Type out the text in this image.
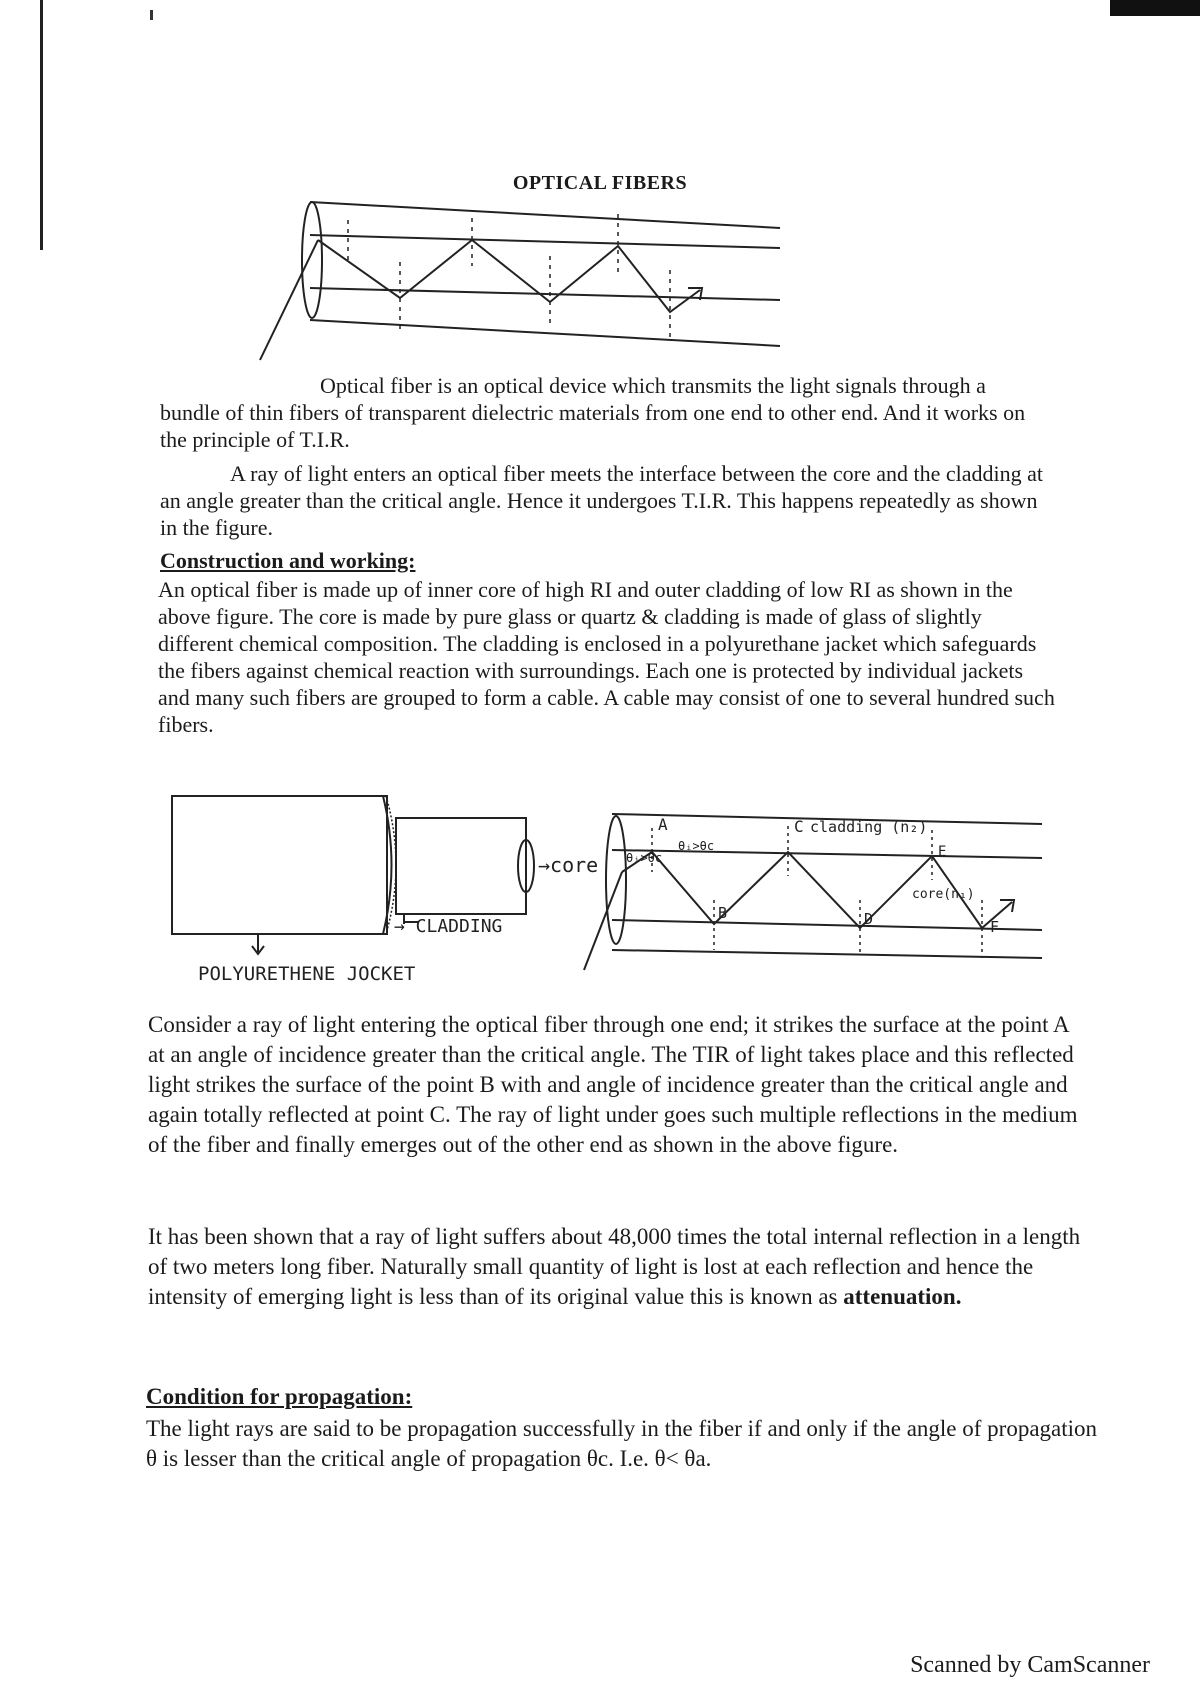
OPTICAL FIBERS

Optical fiber is an optical device which transmits the light signals through a bundle of thin fibers of transparent dielectric materials from one end to other end. And it works on the principle of T.I.R.

A ray of light enters an optical fiber meets the interface between the core and the cladding at an angle greater than the critical angle. Hence it undergoes T.I.R. This happens repeatedly as shown in the figure.

Construction and working:

An optical fiber is made up of inner core of high RI and outer cladding of low RI as shown in the above figure. The core is made by pure glass or quartz & cladding is made of glass of slightly different chemical composition. The cladding is enclosed in a polyurethane jacket which safeguards the fibers against chemical reaction with surroundings. Each one is protected by individual jackets and many such fibers are grouped to form a cable. A cable may consist of one to several hundred such fibers.

→core
→ CLADDING
POLYURETHENE JOCKET
A	C cladding (n₂)
θᵢ>θc
θᵢ>θc	E
core(n₁)
B	D	F

Consider a ray of light entering the optical fiber through one end; it strikes the surface at the point A at an angle of incidence greater than the critical angle. The TIR of light takes place and this reflected light strikes the surface of the point B with and angle of incidence greater than the critical angle and again totally reflected at point C. The ray of light under goes such multiple reflections in the medium of the fiber and finally emerges out of the other end as shown in the above figure.

It has been shown that a ray of light suffers about 48,000 times the total internal reflection in a length of two meters long fiber. Naturally small quantity of light is lost at each reflection and hence the intensity of emerging light is less than of its original value this is known as attenuation.

Condition for propagation:

The light rays are said to be propagation successfully in the fiber if and only if the angle of propagation θ is lesser than the critical angle of propagation θc. I.e. θ< θa.

Scanned by CamScanner
